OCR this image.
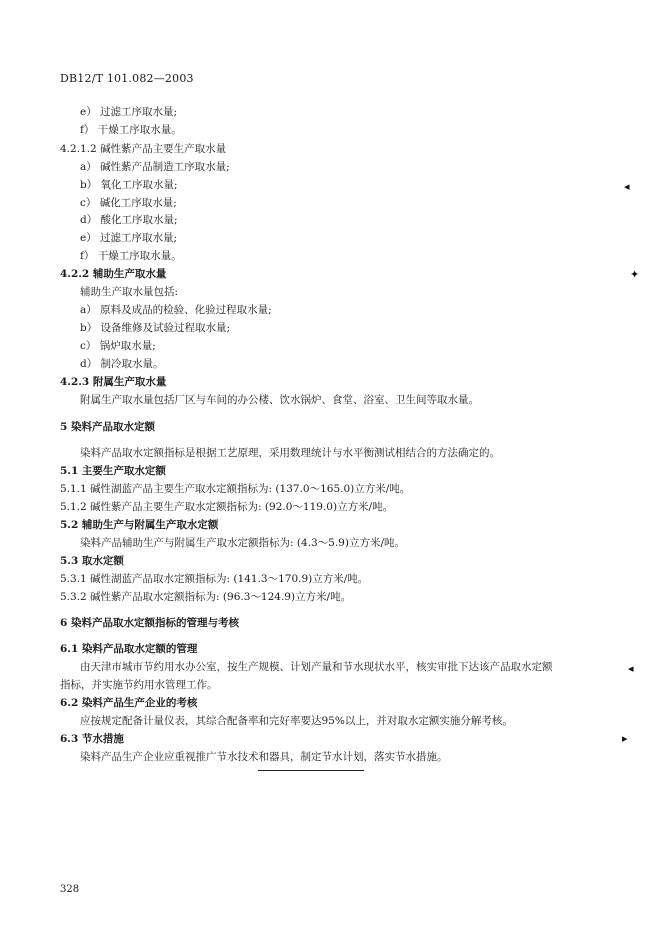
DB12/T 101.082—2003
e） 过滤工序取水量;
f） 干燥工序取水量。
4.2.1.2 碱性紫产品主要生产取水量
a） 碱性紫产品制造工序取水量;
b） 氧化工序取水量;
c） 碱化工序取水量;
d） 酸化工序取水量;
e） 过滤工序取水量;
f） 干燥工序取水量。
4.2.2 辅助生产取水量
辅助生产取水量包括:
a） 原料及成品的检验、化验过程取水量;
b） 设备维修及试验过程取水量;
c） 锅炉取水量;
d） 制冷取水量。
4.2.3 附属生产取水量
附属生产取水量包括厂区与车间的办公楼、饮水锅炉、食堂、浴室、卫生间等取水量。
5 染料产品取水定额
染料产品取水定额指标是根据工艺原理，采用数理统计与水平衡测试相结合的方法确定的。
5.1 主要生产取水定额
5.1.1 碱性湖蓝产品主要生产取水定额指标为: (137.0～165.0)立方米/吨。
5.1.2 碱性紫产品主要生产取水定额指标为: (92.0～119.0)立方米/吨。
5.2 辅助生产与附属生产取水定额
染料产品辅助生产与附属生产取水定额指标为: (4.3～5.9)立方米/吨。
5.3 取水定额
5.3.1 碱性湖蓝产品取水定额指标为: (141.3～170.9)立方米/吨。
5.3.2 碱性紫产品取水定额指标为: (96.3～124.9)立方米/吨。
6 染料产品取水定额指标的管理与考核
6.1 染料产品取水定额的管理
由天津市城市节约用水办公室，按生产规模、计划产量和节水现状水平，核实审批下达该产品取水定额
指标，并实施节约用水管理工作。
6.2 染料产品生产企业的考核
应按规定配备计量仪表，其综合配备率和完好率要达95%以上，并对取水定额实施分解考核。
6.3 节水措施
染料产品生产企业应重视推广节水技术和器具，制定节水计划，落实节水措施。
◂
✦
◂
▸
328
